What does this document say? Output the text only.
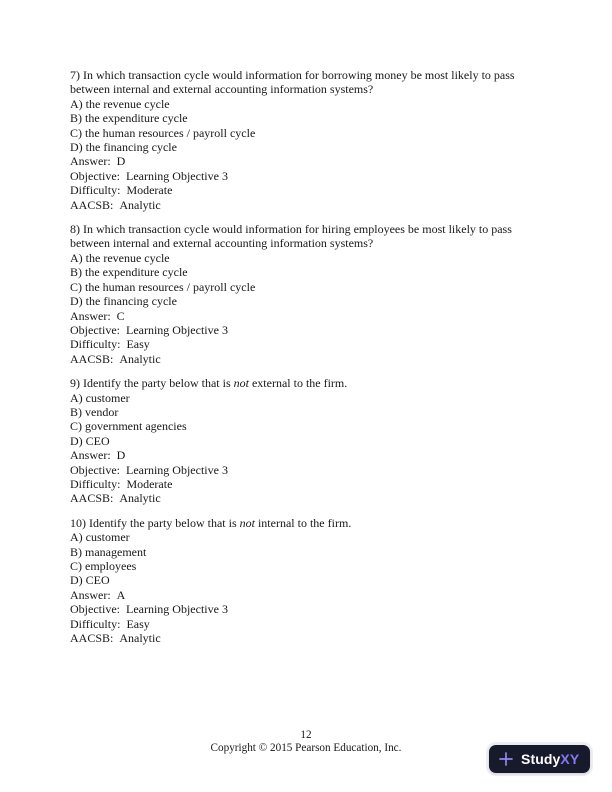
7) In which transaction cycle would information for borrowing money be most likely to pass between internal and external accounting information systems?

A) the revenue cycle
B) the expenditure cycle
C) the human resources / payroll cycle
D) the financing cycle
Answer: D
Objective: Learning Objective 3
Difficulty: Moderate
AACSB: Analytic

8) In which transaction cycle would information for hiring employees be most likely to pass between internal and external accounting information systems?

A) the revenue cycle
B) the expenditure cycle
C) the human resources / payroll cycle
D) the financing cycle
Answer: C
Objective: Learning Objective 3
Difficulty: Easy
AACSB: Analytic

9) Identify the party below that is not external to the firm.

A) customer
B) vendor
C) government agencies
D) CEO
Answer: D
Objective: Learning Objective 3
Difficulty: Moderate
AACSB: Analytic

10) Identify the party below that is not internal to the firm.

A) customer
B) management
C) employees
D) CEO
Answer: A
Objective: Learning Objective 3
Difficulty: Easy
AACSB: Analytic
12
Copyright © 2015 Pearson Education, Inc.
StudyXY
